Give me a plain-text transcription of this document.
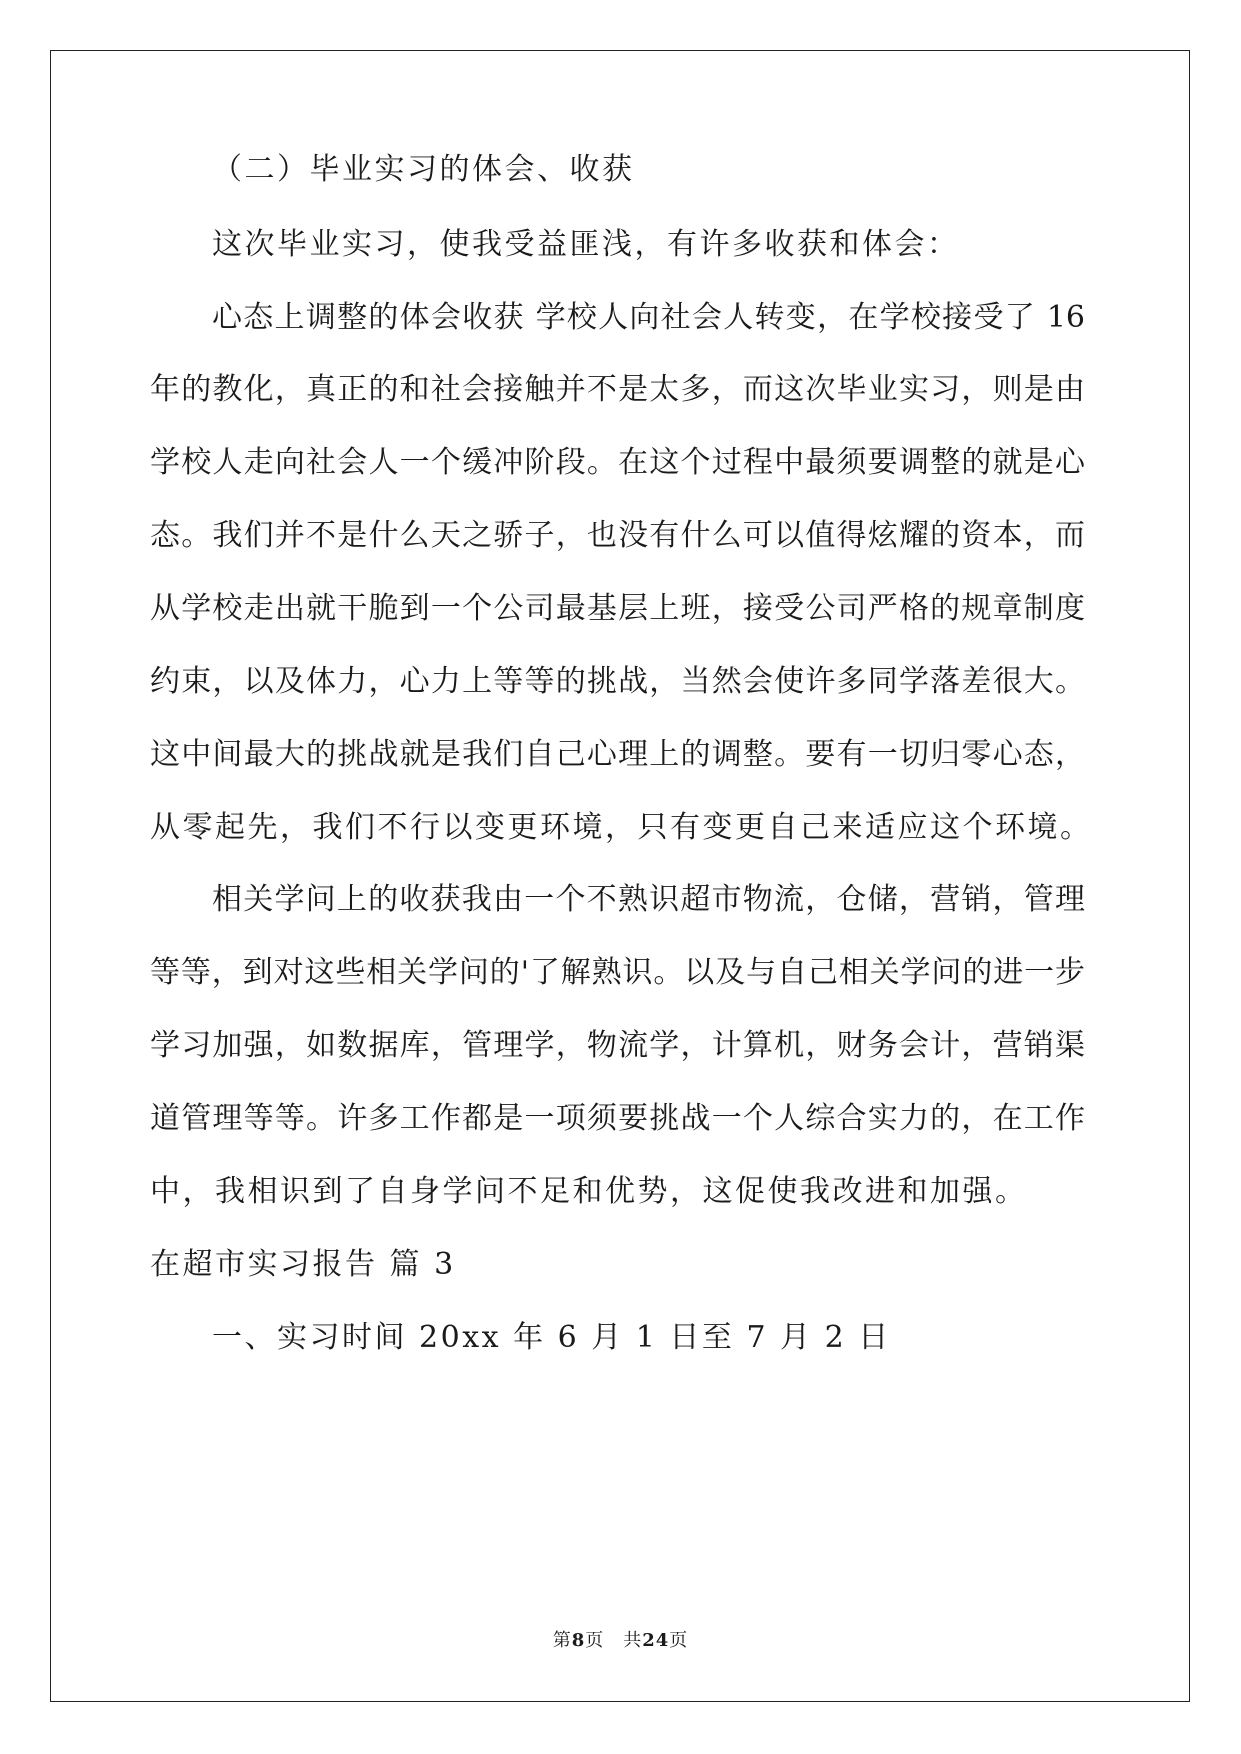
（二）毕业实习的体会、收获
这次毕业实习，使我受益匪浅，有许多收获和体会：
心态上调整的体会收获 学校人向社会人转变，在学校接受了 16
年的教化，真正的和社会接触并不是太多，而这次毕业实习，则是由
学校人走向社会人一个缓冲阶段。在这个过程中最须要调整的就是心
态。我们并不是什么天之骄子，也没有什么可以值得炫耀的资本，而
从学校走出就干脆到一个公司最基层上班，接受公司严格的规章制度
约束，以及体力，心力上等等的挑战，当然会使许多同学落差很大。
这中间最大的挑战就是我们自己心理上的调整。要有一切归零心态，
从零起先，我们不行以变更环境，只有变更自己来适应这个环境。
相关学问上的收获我由一个不熟识超市物流，仓储，营销，管理
等等，到对这些相关学问的'了解熟识。以及与自己相关学问的进一步
学习加强，如数据库，管理学，物流学，计算机，财务会计，营销渠
道管理等等。许多工作都是一项须要挑战一个人综合实力的，在工作
中，我相识到了自身学问不足和优势，这促使我改进和加强。
在超市实习报告 篇 3
一、实习时间 20xx 年 6 月 1 日至 7 月 2 日
第8页　共24页
